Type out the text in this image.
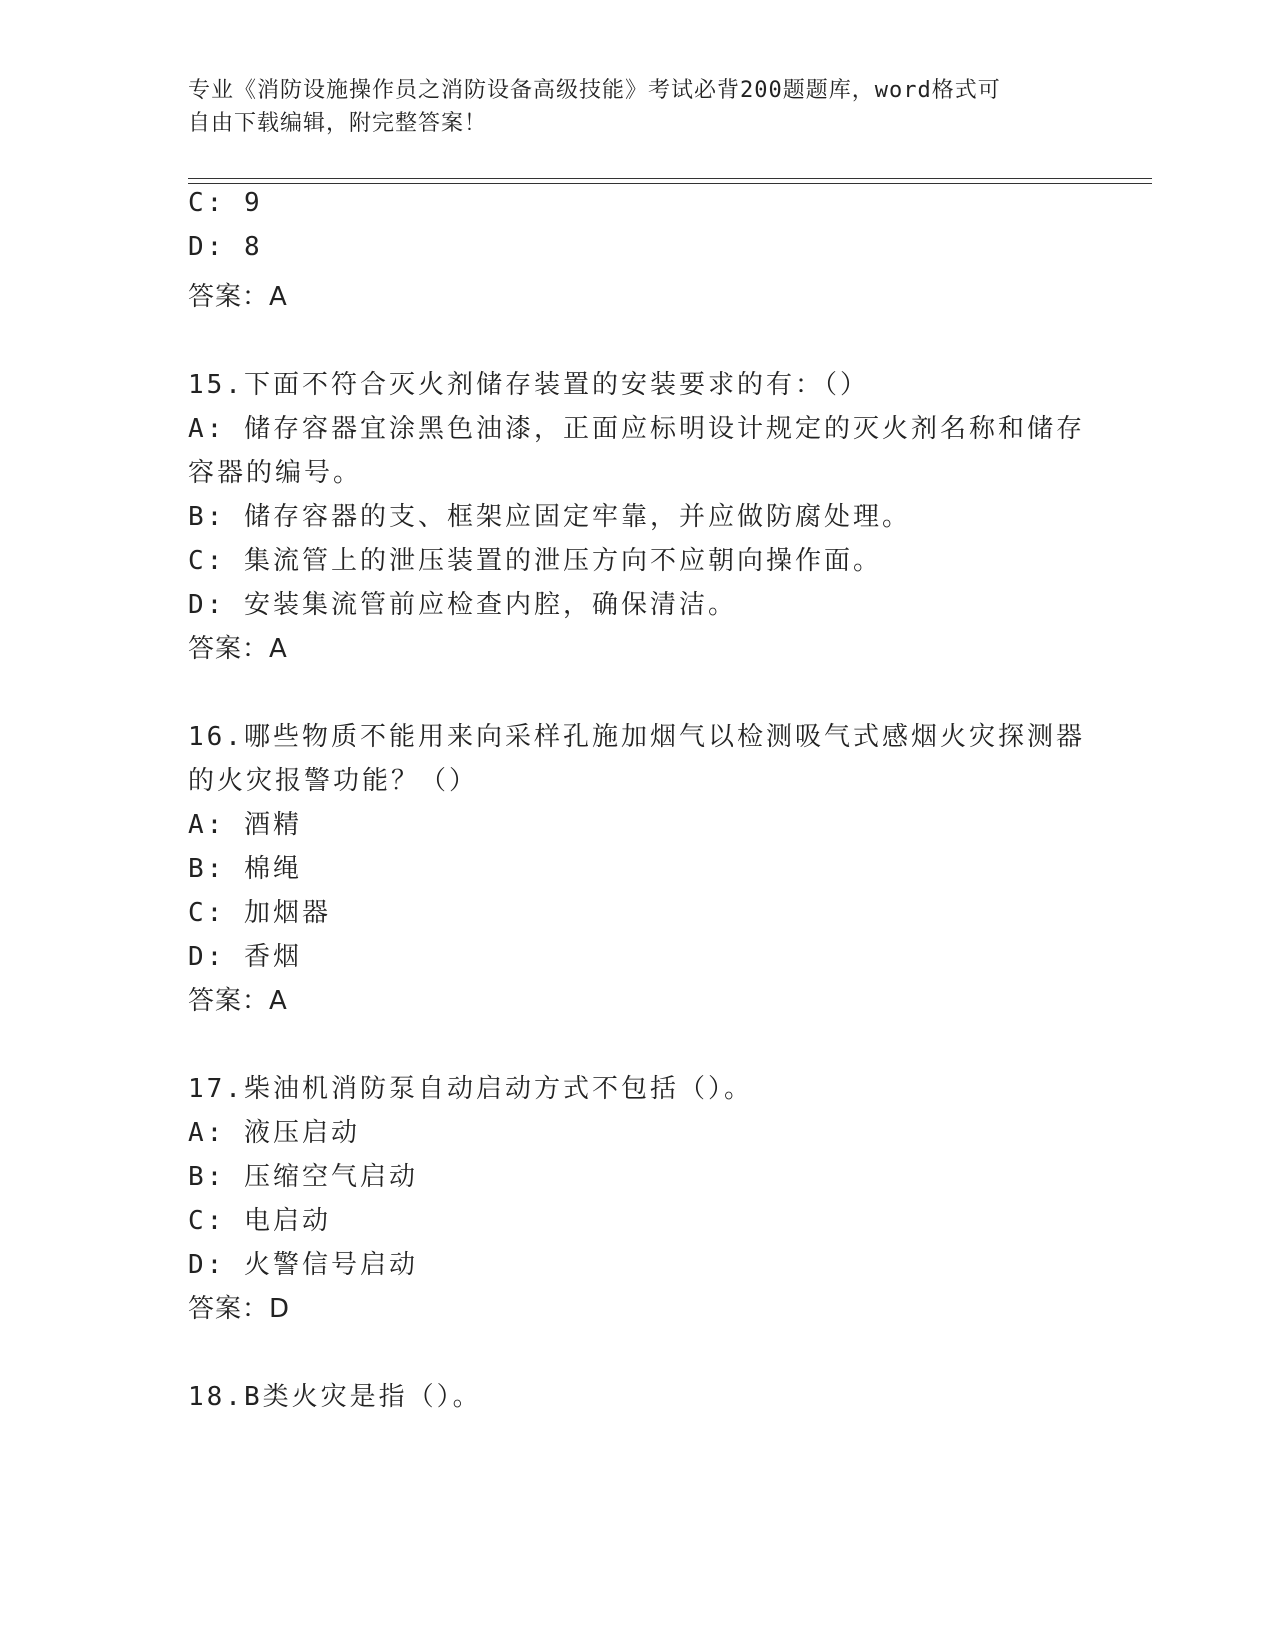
专业《消防设施操作员之消防设备高级技能》考试必背200题题库，word格式可
自由下载编辑，附完整答案！
C: 9
D: 8
答案：A
15.下面不符合灭火剂储存装置的安装要求的有：（）
A: 储存容器宜涂黑色油漆，正面应标明设计规定的灭火剂名称和储存
容器的编号。
B: 储存容器的支、框架应固定牢靠，并应做防腐处理。
C: 集流管上的泄压装置的泄压方向不应朝向操作面。
D: 安装集流管前应检查内腔，确保清洁。
答案：A
16.哪些物质不能用来向采样孔施加烟气以检测吸气式感烟火灾探测器
的火灾报警功能？（）
A: 酒精
B: 棉绳
C: 加烟器
D: 香烟
答案：A
17.柴油机消防泵自动启动方式不包括（）。
A: 液压启动
B: 压缩空气启动
C: 电启动
D: 火警信号启动
答案：D
18.B类火灾是指（）。
